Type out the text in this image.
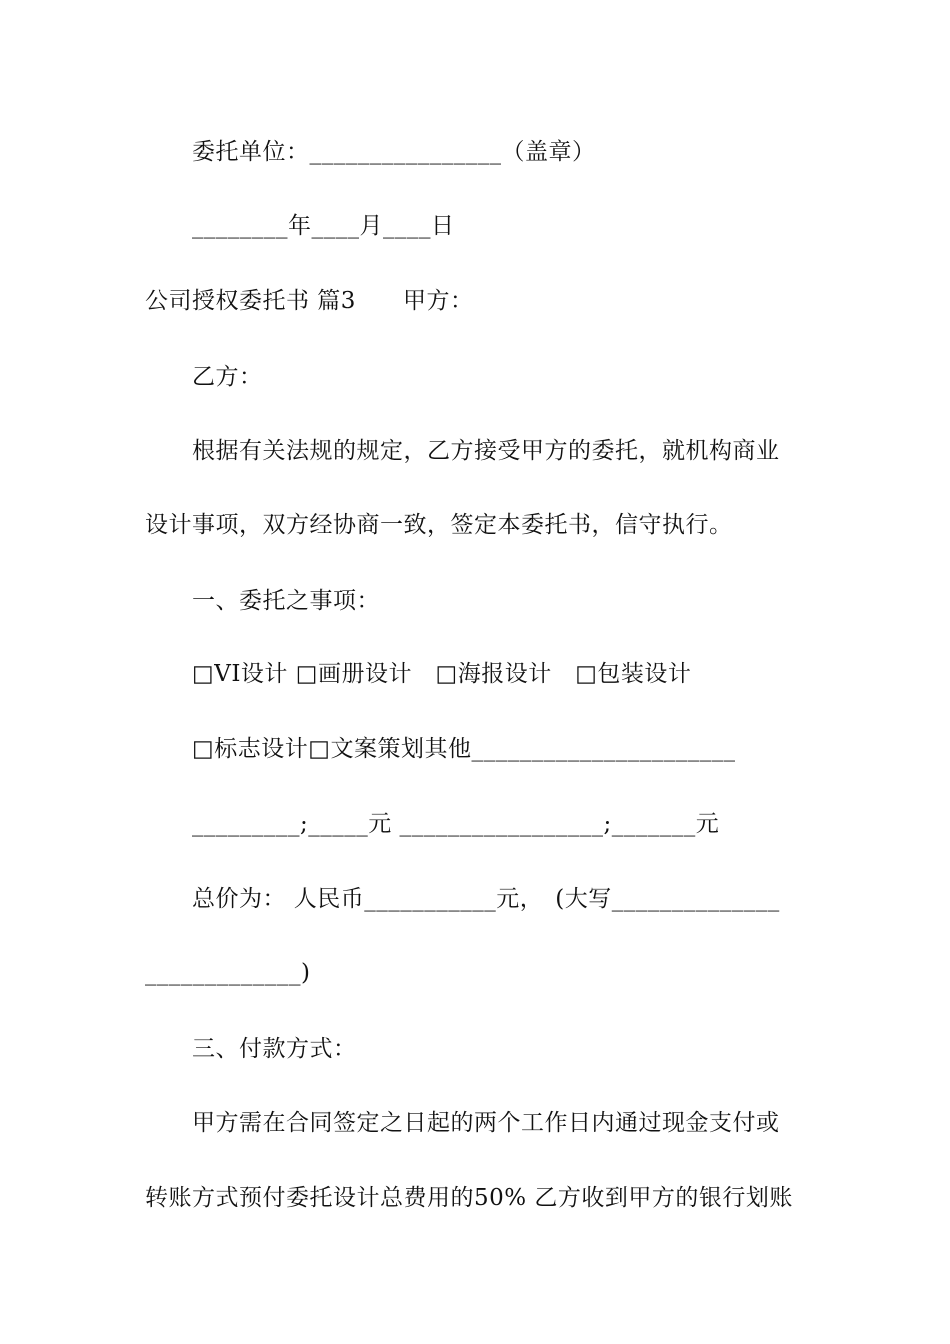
委托单位：________________（盖章）
________年____月____日
公司授权委托书 篇3　　甲方：
乙方：
根据有关法规的规定，乙方接受甲方的委托，就机构商业
设计事项，双方经协商一致，签定本委托书，信守执行。
一、委托之事项：
□VI设计 □画册设计　□海报设计　□包装设计
□标志设计□文案策划其他______________________
_________;_____元 _________________;_______元
总价为： 人民币___________元，　(大写______________
_____________)
三、付款方式：
甲方需在合同签定之日起的两个工作日内通过现金支付或
转账方式预付委托设计总费用的50% 乙方收到甲方的银行划账
